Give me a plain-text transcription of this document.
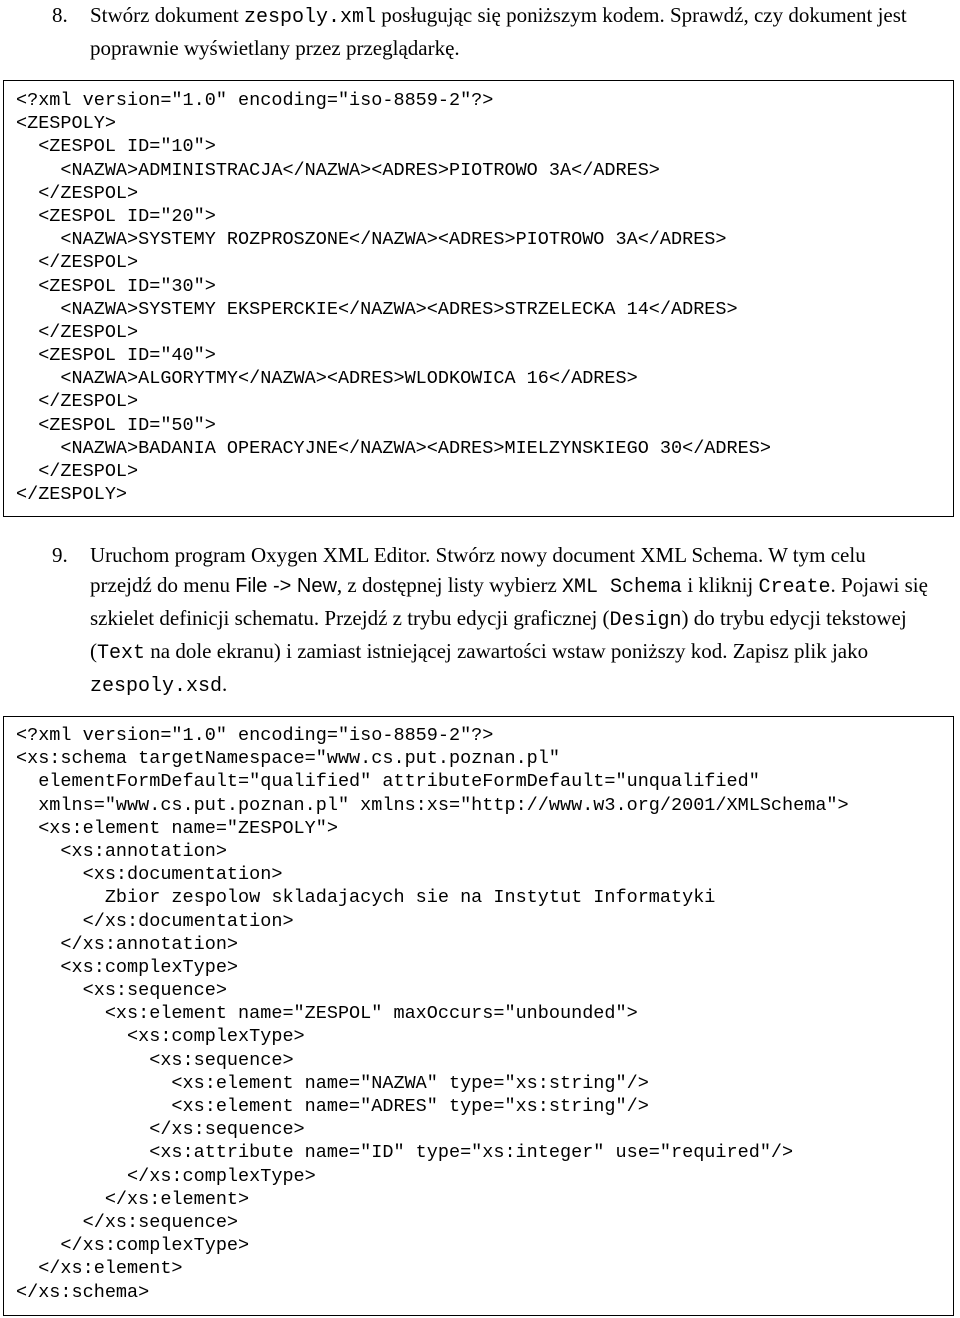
8. Stwórz dokument zespoly.xml posługując się poniższym kodem. Sprawdź, czy dokument jest poprawnie wyświetlany przez przeglądarkę.
<?xml version="1.0" encoding="iso-8859-2"?>
<ZESPOLY>
<ZESPOL ID="10">
<NAZWA>ADMINISTRACJA</NAZWA><ADRES>PIOTROWO 3A</ADRES>
</ZESPOL>
<ZESPOL ID="20">
<NAZWA>SYSTEMY ROZPROSZONE</NAZWA><ADRES>PIOTROWO 3A</ADRES>
</ZESPOL>
<ZESPOL ID="30">
<NAZWA>SYSTEMY EKSPERCKIE</NAZWA><ADRES>STRZELECKA 14</ADRES>
</ZESPOL>
<ZESPOL ID="40">
<NAZWA>ALGORYTMY</NAZWA><ADRES>WLODKOWICA 16</ADRES>
</ZESPOL>
<ZESPOL ID="50">
<NAZWA>BADANIA OPERACYJNE</NAZWA><ADRES>MIELZYNSKIEGO 30</ADRES>
</ZESPOL>
</ZESPOLY>
9. Uruchom program Oxygen XML Editor. Stwórz nowy document XML Schema. W tym celu przejdź do menu File -> New, z dostępnej listy wybierz XML Schema i kliknij Create. Pojawi się szkielet definicji schematu. Przejdź z trybu edycji graficznej (Design) do trybu edycji tekstowej (Text na dole ekranu) i zamiast istniejącej zawartości wstaw poniższy kod. Zapisz plik jako zespoly.xsd.
<?xml version="1.0" encoding="iso-8859-2"?>
<xs:schema targetNamespace="www.cs.put.poznan.pl"
elementFormDefault="qualified" attributeFormDefault="unqualified"
xmlns="www.cs.put.poznan.pl" xmlns:xs="http://www.w3.org/2001/XMLSchema">
<xs:element name="ZESPOLY">
<xs:annotation>
<xs:documentation>
Zbior zespolow skladajacych sie na Instytut Informatyki
</xs:documentation>
</xs:annotation>
<xs:complexType>
<xs:sequence>
<xs:element name="ZESPOL" maxOccurs="unbounded">
<xs:complexType>
<xs:sequence>
<xs:element name="NAZWA" type="xs:string"/>
<xs:element name="ADRES" type="xs:string"/>
</xs:sequence>
<xs:attribute name="ID" type="xs:integer" use="required"/>
</xs:complexType>
</xs:element>
</xs:sequence>
</xs:complexType>
</xs:element>
</xs:schema>
